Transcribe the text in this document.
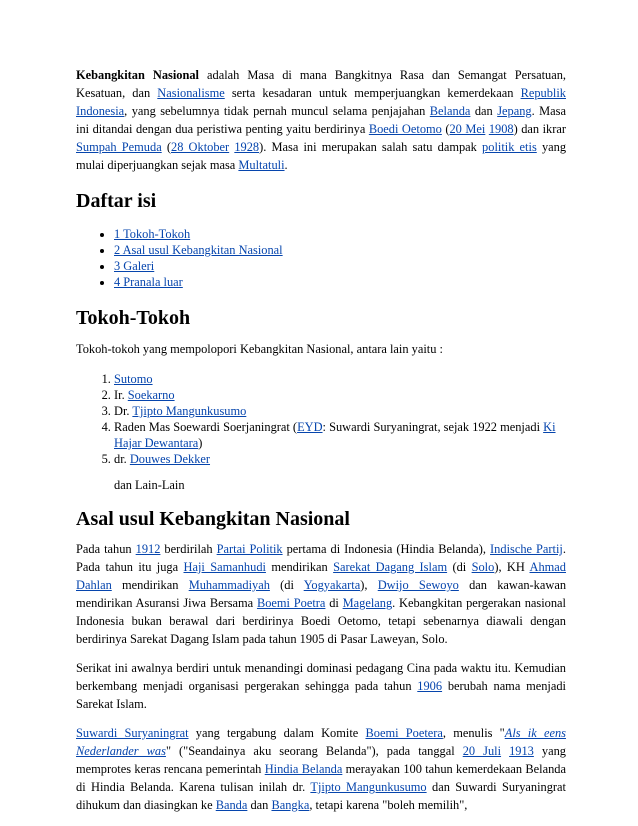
Kebangkitan Nasional adalah Masa di mana Bangkitnya Rasa dan Semangat Persatuan, Kesatuan, dan Nasionalisme serta kesadaran untuk memperjuangkan kemerdekaan Republik Indonesia, yang sebelumnya tidak pernah muncul selama penjajahan Belanda dan Jepang. Masa ini ditandai dengan dua peristiwa penting yaitu berdirinya Boedi Oetomo (20 Mei 1908) dan ikrar Sumpah Pemuda (28 Oktober 1928). Masa ini merupakan salah satu dampak politik etis yang mulai diperjuangkan sejak masa Multatuli.

Daftar isi
• 1 Tokoh-Tokoh
• 2 Asal usul Kebangkitan Nasional
• 3 Galeri
• 4 Pranala luar
Tokoh-Tokoh

Tokoh-tokoh yang mempolopori Kebangkitan Nasional, antara lain yaitu :

1. Sutomo
2. Ir. Soekarno
3. Dr. Tjipto Mangunkusumo
4. Raden Mas Soewardi Soerjaningrat (EYD: Suwardi Suryaningrat, sejak 1922 menjadi Ki Hajar Dewantara)
5. dr. Douwes Dekker
dan Lain-Lain
Asal usul Kebangkitan Nasional

Pada tahun 1912 berdirilah Partai Politik pertama di Indonesia (Hindia Belanda), Indische Partij. Pada tahun itu juga Haji Samanhudi mendirikan Sarekat Dagang Islam (di Solo), KH Ahmad Dahlan mendirikan Muhammadiyah (di Yogyakarta), Dwijo Sewoyo dan kawan-kawan mendirikan Asuransi Jiwa Bersama Boemi Poetra di Magelang. Kebangkitan pergerakan nasional Indonesia bukan berawal dari berdirinya Boedi Oetomo, tetapi sebenarnya diawali dengan berdirinya Sarekat Dagang Islam pada tahun 1905 di Pasar Laweyan, Solo.

Serikat ini awalnya berdiri untuk menandingi dominasi pedagang Cina pada waktu itu. Kemudian berkembang menjadi organisasi pergerakan sehingga pada tahun 1906 berubah nama menjadi Sarekat Islam.

Suwardi Suryaningrat yang tergabung dalam Komite Boemi Poetera, menulis "Als ik eens Nederlander was" ("Seandainya aku seorang Belanda"), pada tanggal 20 Juli 1913 yang memprotes keras rencana pemerintah Hindia Belanda merayakan 100 tahun kemerdekaan Belanda di Hindia Belanda. Karena tulisan inilah dr. Tjipto Mangunkusumo dan Suwardi Suryaningrat dihukum dan diasingkan ke Banda dan Bangka, tetapi karena "boleh memilih",
